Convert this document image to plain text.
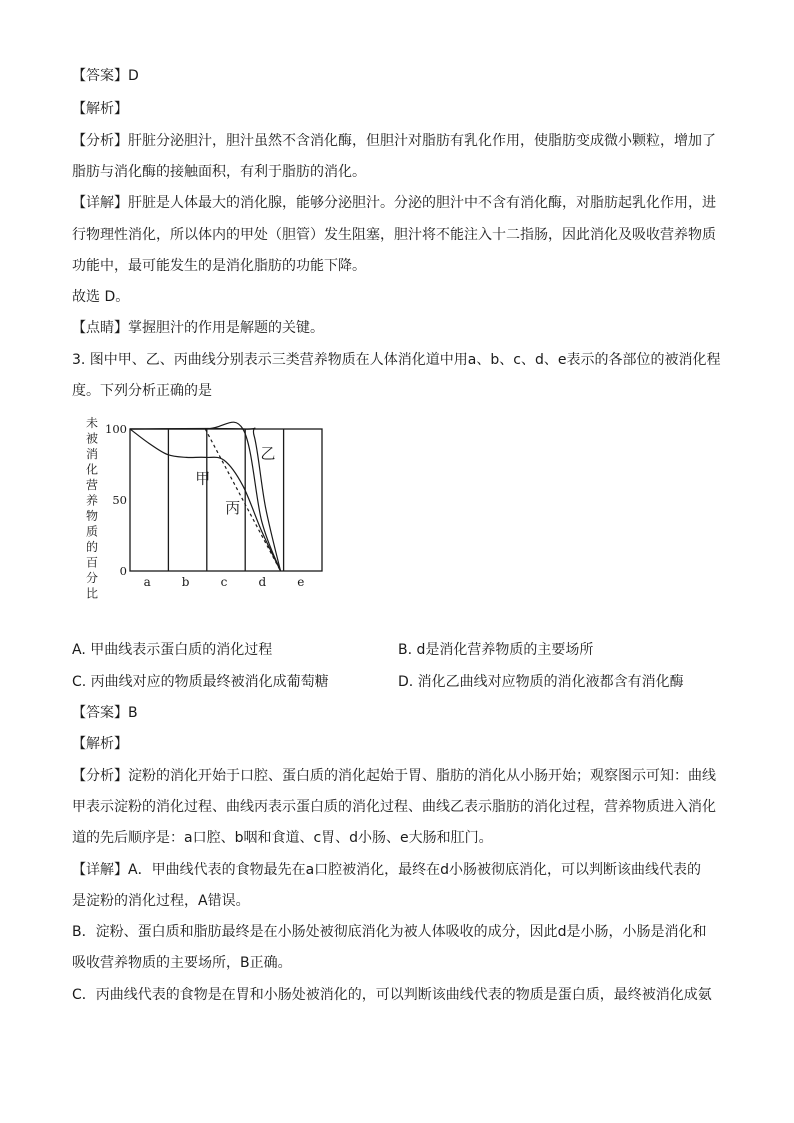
【答案】D
【解析】
【分析】肝脏分泌胆汁，胆汁虽然不含消化酶，但胆汁对脂肪有乳化作用，使脂肪变成微小颗粒，增加了
脂肪与消化酶的接触面积，有利于脂肪的消化。
【详解】肝脏是人体最大的消化腺，能够分泌胆汁。分泌的胆汁中不含有消化酶，对脂肪起乳化作用，进
行物理性消化，所以体内的甲处（胆管）发生阻塞，胆汁将不能注入十二指肠，因此消化及吸收营养物质
功能中，最可能发生的是消化脂肪的功能下降。
故选 D。
【点睛】掌握胆汁的作用是解题的关键。
3. 图中甲、乙、丙曲线分别表示三类营养物质在人体消化道中用a、b、c、d、e表示的各部位的被消化程
度。下列分析正确的是
未
被
消
化
营
养
物
质
的
百
分
比
100
50
0
甲
乙
丙
a	b	c	d	e
A. 甲曲线表示蛋白质的消化过程	B. d是消化营养物质的主要场所
C. 丙曲线对应的物质最终被消化成葡萄糖	D. 消化乙曲线对应物质的消化液都含有消化酶
【答案】B
【解析】
【分析】淀粉的消化开始于口腔、蛋白质的消化起始于胃、脂肪的消化从小肠开始；观察图示可知：曲线
甲表示淀粉的消化过程、曲线丙表示蛋白质的消化过程、曲线乙表示脂肪的消化过程，营养物质进入消化
道的先后顺序是：a口腔、b咽和食道、c胃、d小肠、e大肠和肛门。
【详解】A．甲曲线代表的食物最先在a口腔被消化，最终在d小肠被彻底消化，可以判断该曲线代表的
是淀粉的消化过程，A错误。
B．淀粉、蛋白质和脂肪最终是在小肠处被彻底消化为被人体吸收的成分，因此d是小肠，小肠是消化和
吸收营养物质的主要场所，B正确。
C．丙曲线代表的食物是在胃和小肠处被消化的，可以判断该曲线代表的物质是蛋白质，最终被消化成氨
